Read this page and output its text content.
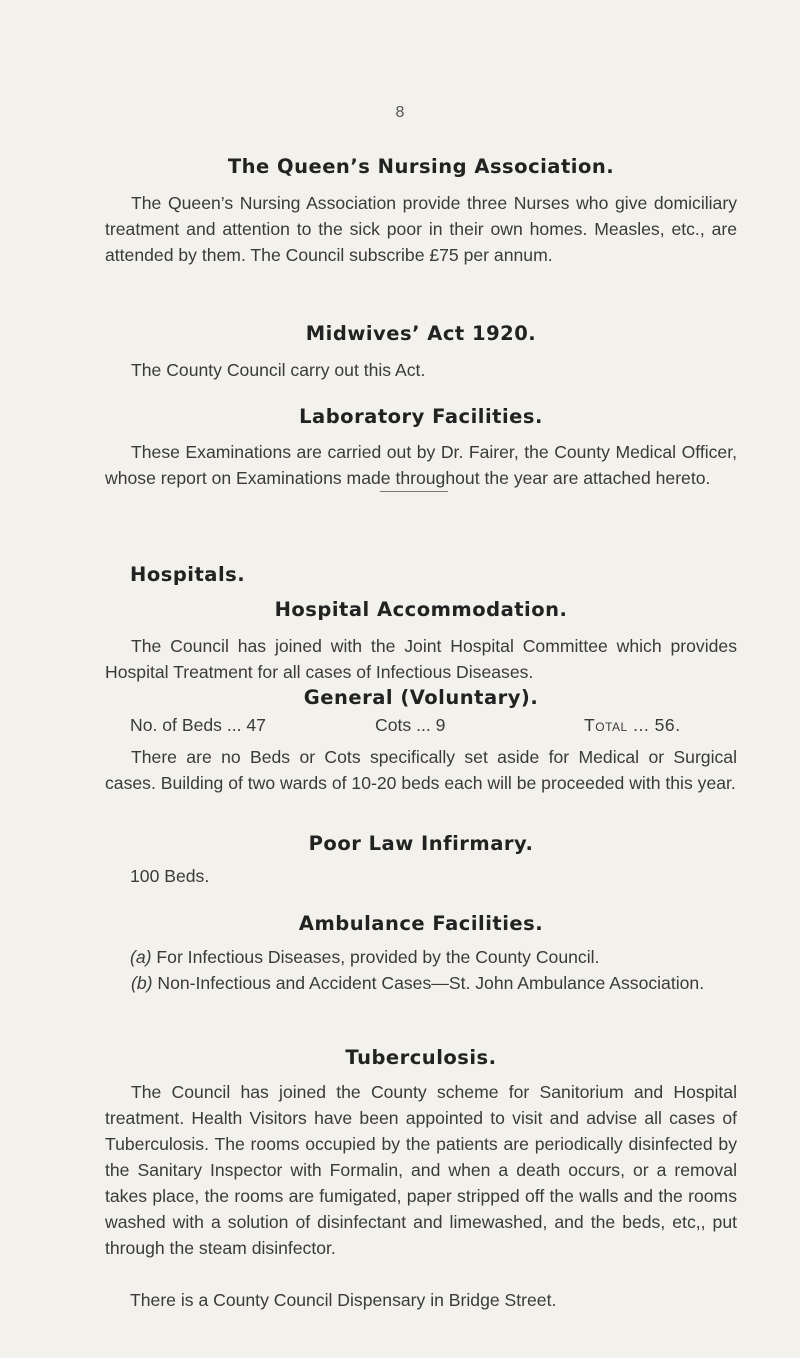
8
The Queen’s Nursing Association.
The Queen’s Nursing Association provide three Nurses who give domiciliary treatment and attention to the sick poor in their own homes. Measles, etc., are attended by them. The Council subscribe £75 per annum.
Midwives’ Act 1920.
The County Council carry out this Act.
Laboratory Facilities.
These Examinations are carried out by Dr. Fairer, the County Medical Officer, whose report on Examinations made throughout the year are attached hereto.
Hospitals.
Hospital Accommodation.
The Council has joined with the Joint Hospital Committee which provides Hospital Treatment for all cases of Infectious Diseases.
General (Voluntary).
No. of Beds ... 47	Cots ... 9	Total ... 56.
There are no Beds or Cots specifically set aside for Medical or Surgical cases. Building of two wards of 10-20 beds each will be proceeded with this year.
Poor Law Infirmary.
100 Beds.
Ambulance Facilities.
(a) For Infectious Diseases, provided by the County Council.
(b) Non-Infectious and Accident Cases—St. John Ambulance Association.
Tuberculosis.
The Council has joined the County scheme for Sanitorium and Hospital treatment. Health Visitors have been appointed to visit and advise all cases of Tuberculosis. The rooms occupied by the patients are periodically disinfected by the Sanitary Inspector with Formalin, and when a death occurs, or a removal takes place, the rooms are fumigated, paper stripped off the walls and the rooms washed with a solution of disinfectant and limewashed, and the beds, etc,, put through the steam disinfector.
There is a County Council Dispensary in Bridge Street.
